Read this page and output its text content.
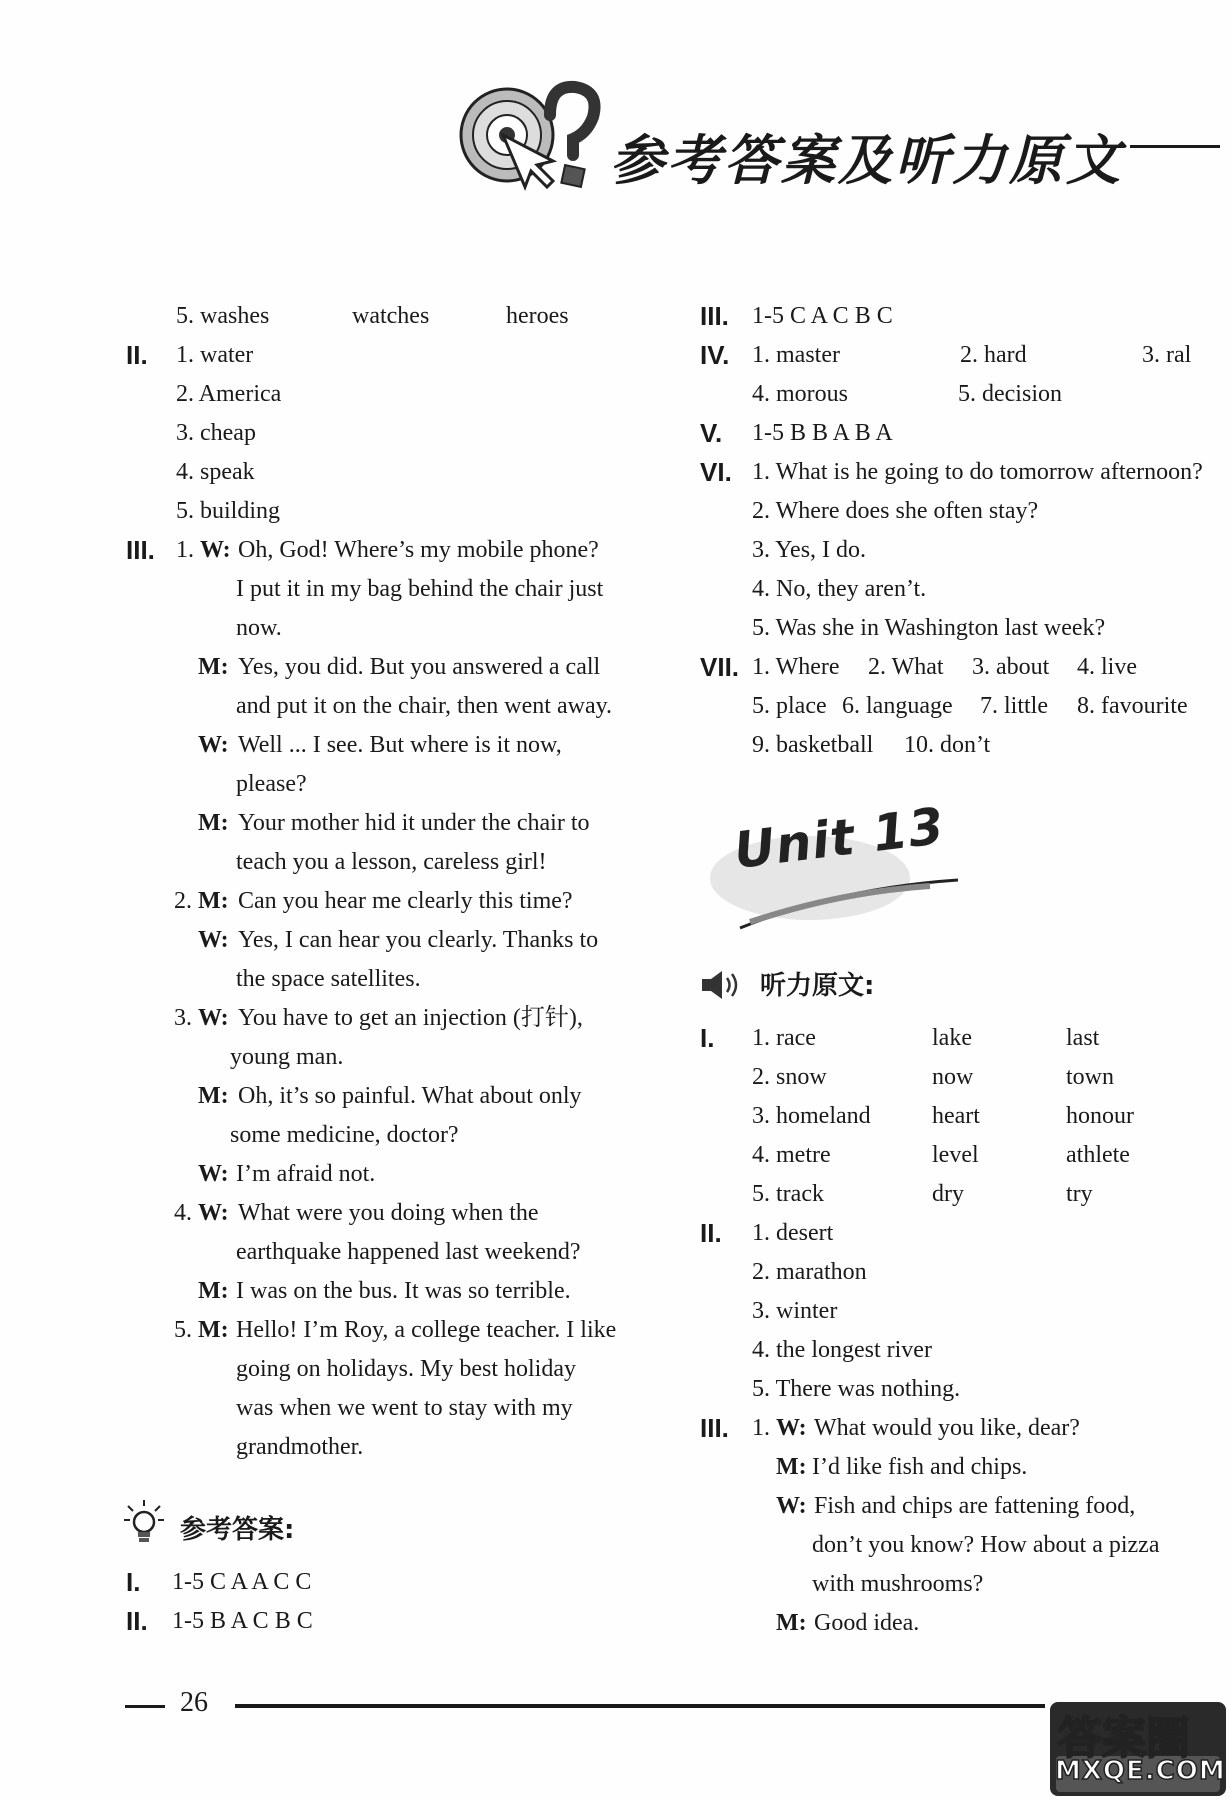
参考答案及听力原文
5. washes	watches	heroes
II. 1. water
2. America
3. cheap
4. speak
5. building
III. 1. W: Oh, God! Where’s my mobile phone?
I put it in my bag behind the chair just
now.
M: Yes, you did. But you answered a call
and put it on the chair, then went away.
W: Well ... I see. But where is it now,
please?
M: Your mother hid it under the chair to
teach you a lesson, careless girl!
2. M: Can you hear me clearly this time?
W: Yes, I can hear you clearly. Thanks to
the space satellites.
3. W: You have to get an injection (打针),
young man.
M: Oh, it’s so painful. What about only
some medicine, doctor?
W: I’m afraid not.
4. W: What were you doing when the
earthquake happened last weekend?
M: I was on the bus. It was so terrible.
5. M: Hello! I’m Roy, a college teacher. I like
going on holidays. My best holiday
was when we went to stay with my
grandmother.
参考答案:
I. 1-5 C A A C C
II. 1-5 B A C B C
III. 1-5 C A C B C
IV. 1. master	2. hard	3. ral
4. morous	5. decision
V. 1-5 B B A B A
VI. 1. What is he going to do tomorrow afternoon?
2. Where does she often stay?
3. Yes, I do.
4. No, they aren’t.
5. Was she in Washington last week?
VII. 1. Where 2. What 3. about 4. live
5. place 6. language 7. little 8. favourite
9. basketball 10. don’t
Unit 13
听力原文:
I. 1. race	lake	last
2. snow	now	town
3. homeland	heart	honour
4. metre	level	athlete
5. track	dry	try
II. 1. desert
2. marathon
3. winter
4. the longest river
5. There was nothing.
III. 1. W: What would you like, dear?
M: I’d like fish and chips.
W: Fish and chips are fattening food,
don’t you know? How about a pizza
with mushrooms?
M: Good idea.
26
答案圈
MXQE.COM
